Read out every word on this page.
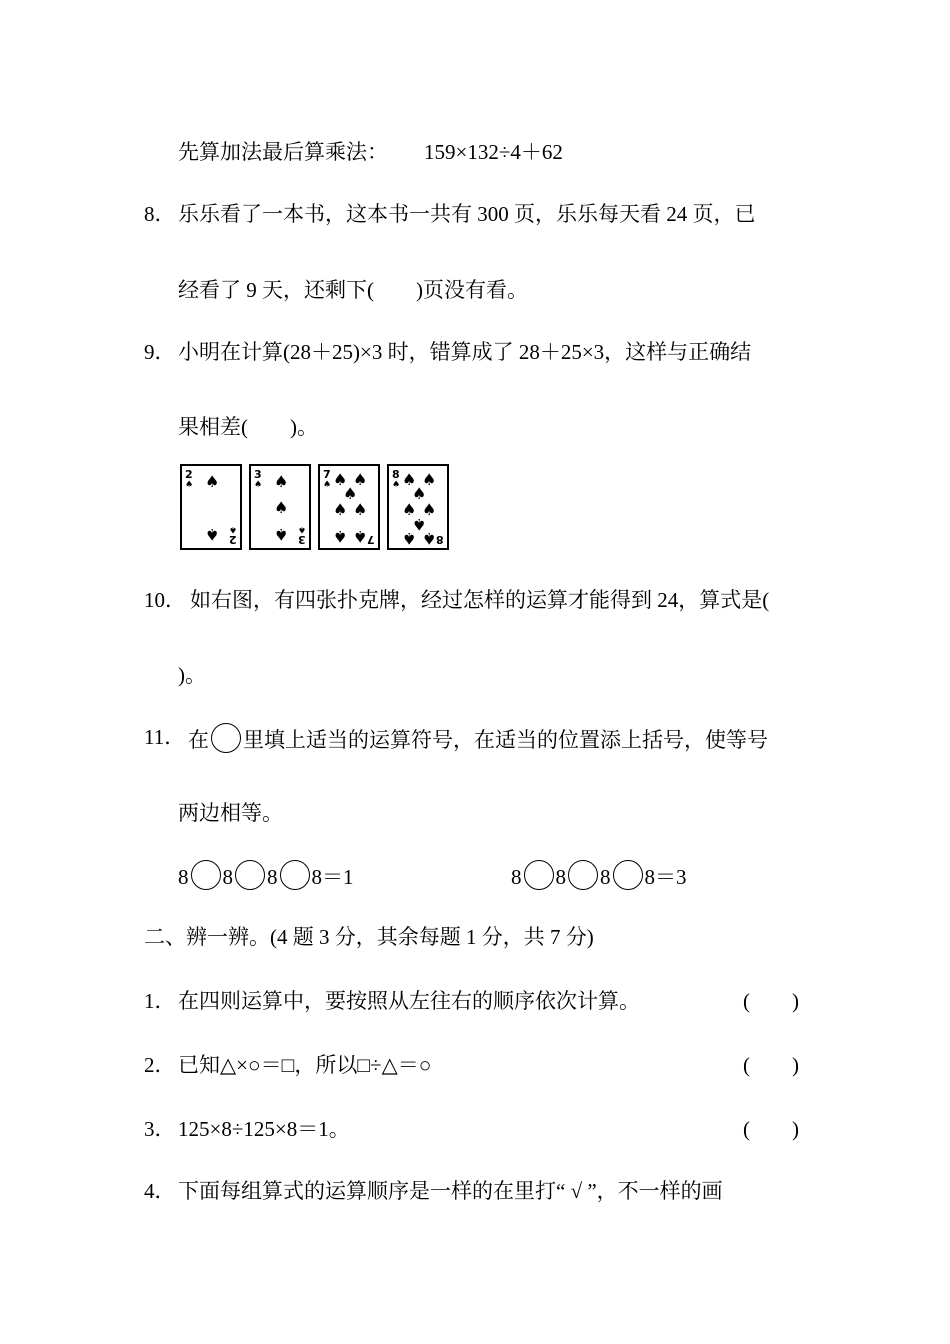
先算加法最后算乘法： 159×132÷4＋62
8． 乐乐看了一本书，这本书一共有 300 页，乐乐每天看 24 页，已
经看了 9 天，还剩下(　　)页没有看。
9． 小明在计算(28＋25)×3 时，错算成了 28＋25×3，这样与正确结
果相差(　　)。
2
♠ ♠
♠ ♠
2
3
♠ ♠
♠
♠ ♠
3
7
♠ ♠ ♠
♠
♠ ♠
♠ ♠ 7
8
♠ ♠ ♠
♠
♠ ♠
♠
♠ ♠ 8
10． 如右图，有四张扑克牌，经过怎样的运算才能得到 24，算式是(
)。
11． 在 里填上适当的运算符号，在适当的位置添上括号，使等号
两边相等。
8 8 8 8＝1	8 8 8 8＝3
二、辨一辨。(4 题 3 分，其余每题 1 分，共 7 分)
1． 在四则运算中，要按照从左往右的顺序依次计算。	(　　)
2． 已知△×○＝□，所以□÷△＝○	(　　)
3． 125×8÷125×8＝1。	(　　)
4． 下面每组算式的运算顺序是一样的在里打“ √ ”，不一样的画
